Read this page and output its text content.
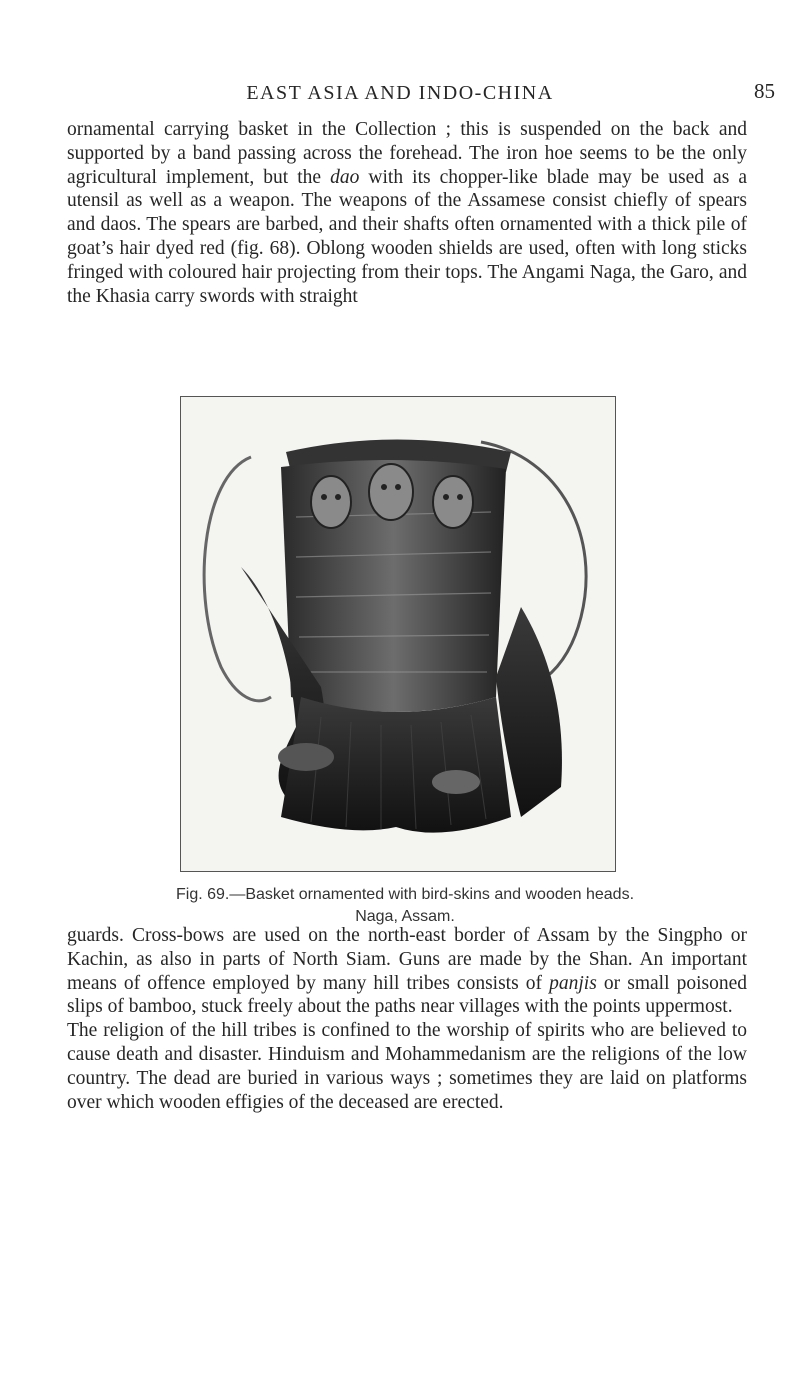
EAST ASIA AND INDO-CHINA	85
ornamental carrying basket in the Collection ; this is suspended on the back and supported by a band passing across the forehead. The iron hoe seems to be the only agricultural implement, but the dao with its chopper-like blade may be used as a utensil as well as a weapon. The weapons of the Assamese consist chiefly of spears and daos. The spears are barbed, and their shafts often ornamented with a thick pile of goat’s hair dyed red (fig. 68). Oblong wooden shields are used, often with long sticks fringed with coloured hair projecting from their tops. The Angami Naga, the Garo, and the Khasia carry swords with straight
Fig. 69.—Basket ornamented with bird-skins and wooden heads.
Naga, Assam.

guards. Cross-bows are used on the north-east border of Assam by the Singpho or Kachin, as also in parts of North Siam. Guns are made by the Shan. An important means of offence employed by many hill tribes consists of panjis or small poisoned slips of bamboo, stuck freely about the paths near villages with the points uppermost.

The religion of the hill tribes is confined to the worship of spirits who are believed to cause death and disaster. Hinduism and Mohammedanism are the religions of the low country. The dead are buried in various ways ; sometimes they are laid on platforms over which wooden effigies of the deceased are erected.
